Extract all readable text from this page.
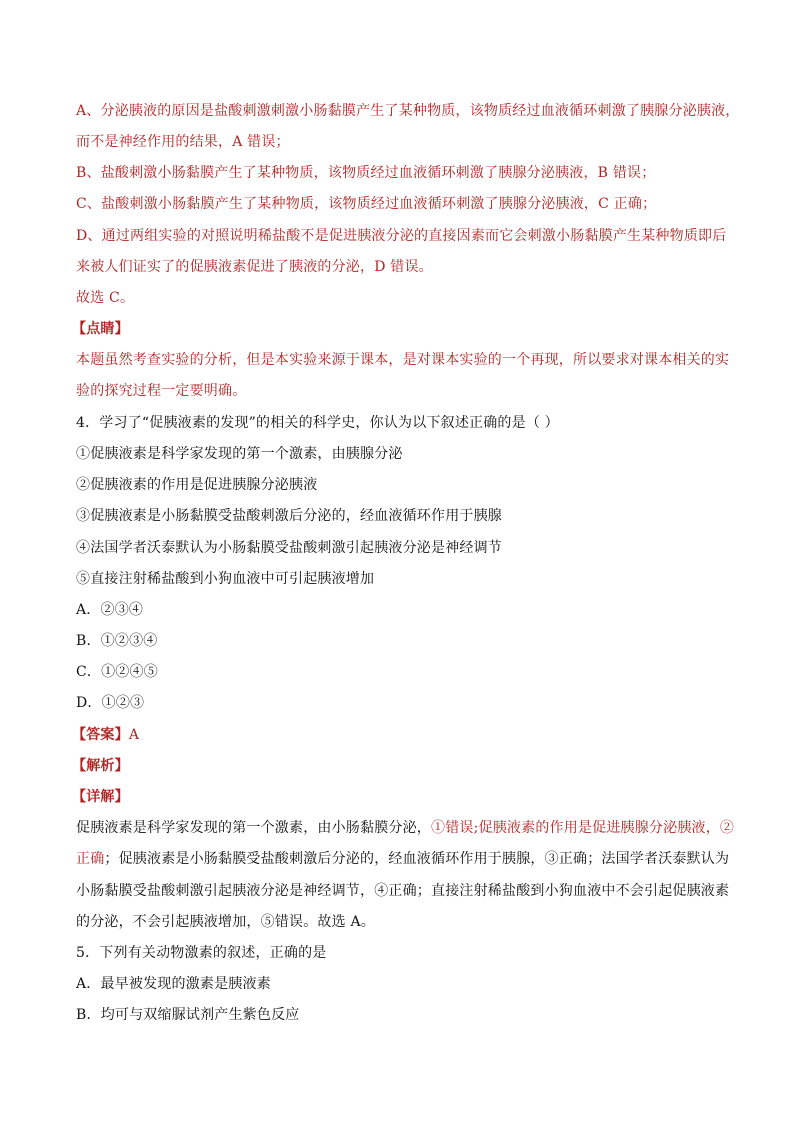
A、分泌胰液的原因是盐酸刺激刺激小肠黏膜产生了某种物质，该物质经过血液循环刺激了胰腺分泌胰液，
而不是神经作用的结果，A 错误；
B、盐酸刺激小肠黏膜产生了某种物质，该物质经过血液循环刺激了胰腺分泌胰液，B 错误；
C、盐酸刺激小肠黏膜产生了某种物质，该物质经过血液循环刺激了胰腺分泌胰液，C 正确；
D、通过两组实验的对照说明稀盐酸不是促进胰液分泌的直接因素而它会刺激小肠黏膜产生某种物质即后
来被人们证实了的促胰液素促进了胰液的分泌，D 错误。
故选 C。
【点睛】
本题虽然考查实验的分析，但是本实验来源于课本，是对课本实验的一个再现，所以要求对课本相关的实
验的探究过程一定要明确。
4．学习了“促胰液素的发现”的相关的科学史，你认为以下叙述正确的是（ ）
①促胰液素是科学家发现的第一个激素，由胰腺分泌
②促胰液素的作用是促进胰腺分泌胰液
③促胰液素是小肠黏膜受盐酸刺激后分泌的，经血液循环作用于胰腺
④法国学者沃泰默认为小肠黏膜受盐酸刺激引起胰液分泌是神经调节
⑤直接注射稀盐酸到小狗血液中可引起胰液增加
A．②③④
B．①②③④
C．①②④⑤
D．①②③
【答案】A
【解析】
【详解】
促胰液素是科学家发现的第一个激素，由小肠黏膜分泌，①错误;促胰液素的作用是促进胰腺分泌胰液，②
正确；促胰液素是小肠黏膜受盐酸刺激后分泌的，经血液循环作用于胰腺，③正确；法国学者沃泰默认为
小肠黏膜受盐酸刺激引起胰液分泌是神经调节，④正确；直接注射稀盐酸到小狗血液中不会引起促胰液素
的分泌，不会引起胰液增加，⑤错误。故选 A。
5．下列有关动物激素的叙述，正确的是
A．最早被发现的激素是胰液素
B．均可与双缩脲试剂产生紫色反应
